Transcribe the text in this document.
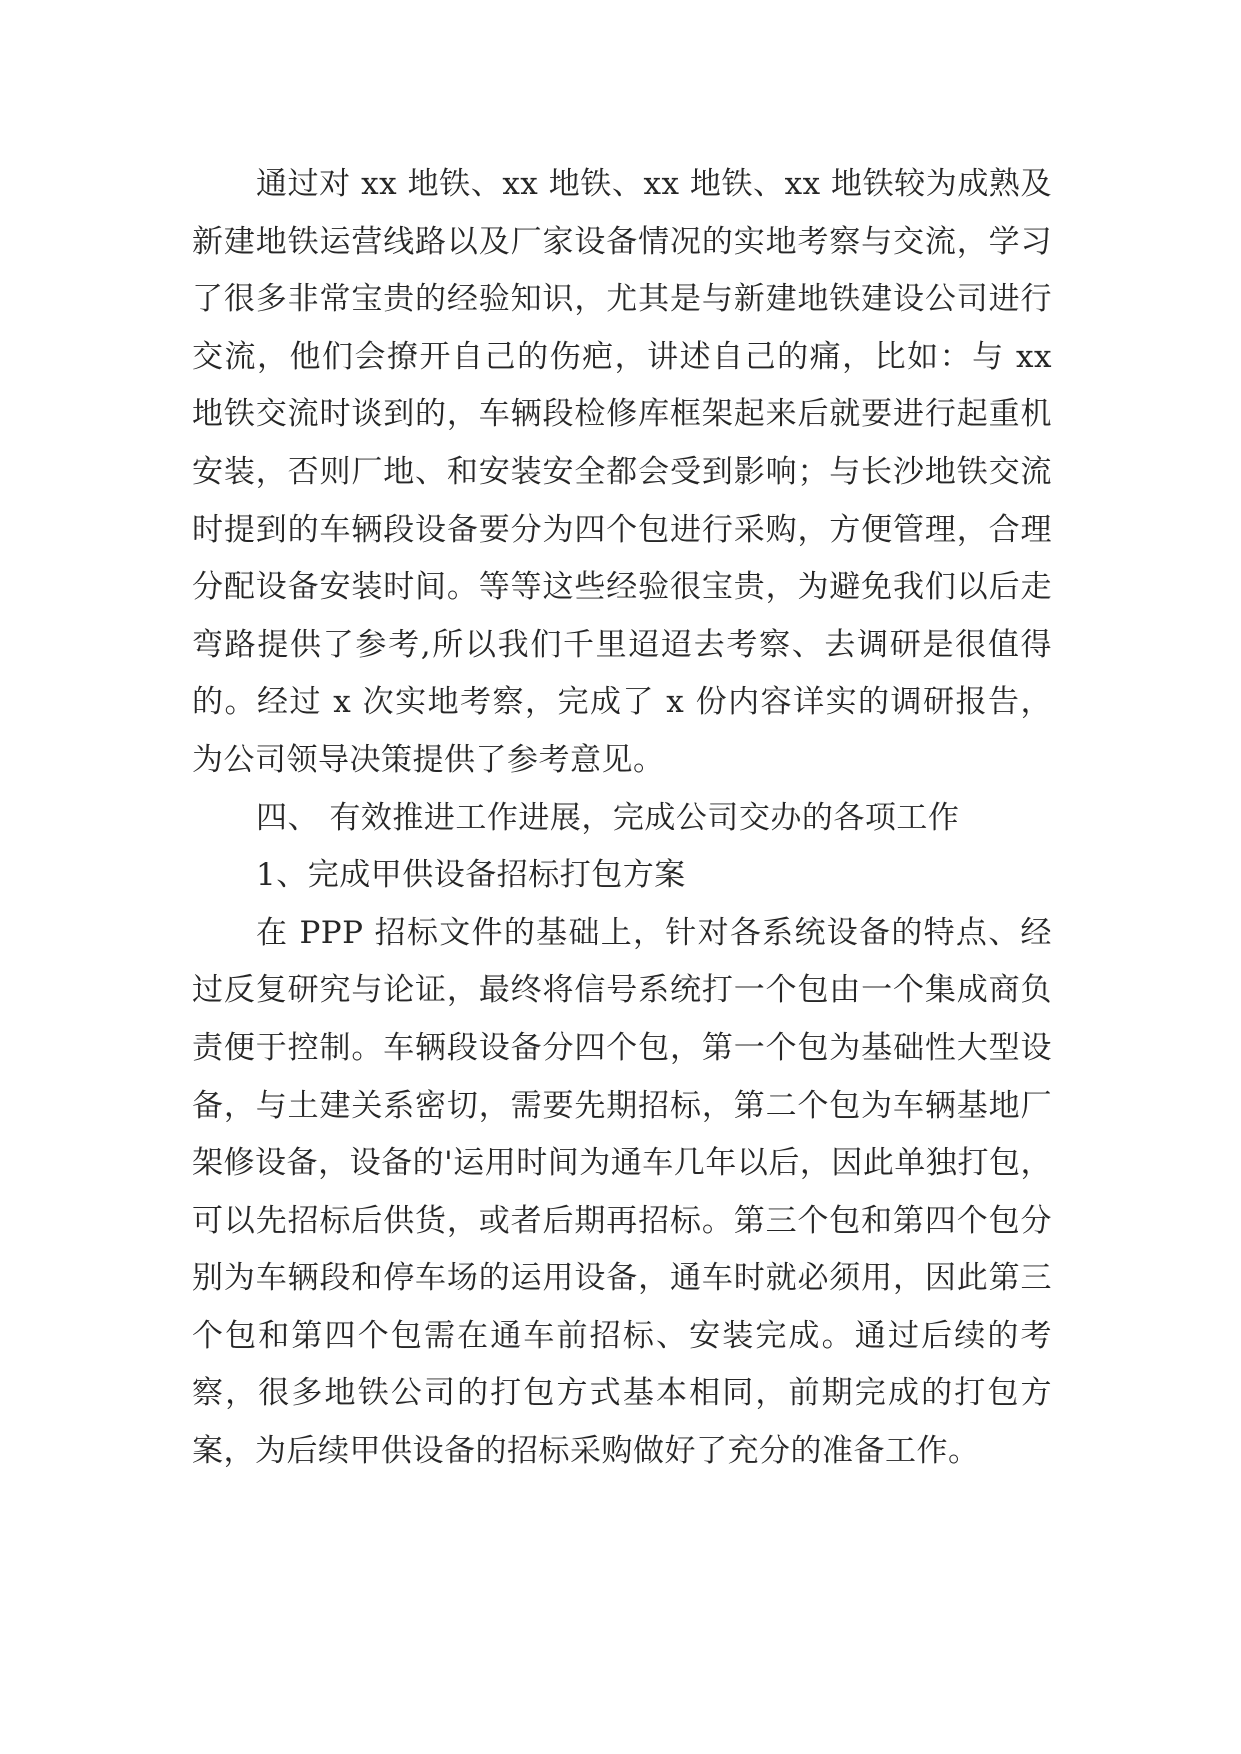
通过对 xx 地铁、xx 地铁、xx 地铁、xx 地铁较为成熟及新建地铁运营线路以及厂家设备情况的实地考察与交流，学习了很多非常宝贵的经验知识，尤其是与新建地铁建设公司进行交流，他们会撩开自己的伤疤，讲述自己的痛，比如：与 xx 地铁交流时谈到的，车辆段检修库框架起来后就要进行起重机安装，否则厂地、和安装安全都会受到影响；与长沙地铁交流时提到的车辆段设备要分为四个包进行采购，方便管理，合理分配设备安装时间。等等这些经验很宝贵，为避免我们以后走弯路提供了参考,所以我们千里迢迢去考察、去调研是很值得的。经过 x 次实地考察，完成了 x 份内容详实的调研报告，为公司领导决策提供了参考意见。

四、 有效推进工作进展，完成公司交办的各项工作

1、完成甲供设备招标打包方案

在 PPP 招标文件的基础上，针对各系统设备的特点、经过反复研究与论证，最终将信号系统打一个包由一个集成商负责便于控制。车辆段设备分四个包，第一个包为基础性大型设备，与土建关系密切，需要先期招标，第二个包为车辆基地厂架修设备，设备的'运用时间为通车几年以后，因此单独打包，可以先招标后供货，或者后期再招标。第三个包和第四个包分别为车辆段和停车场的运用设备，通车时就必须用，因此第三个包和第四个包需在通车前招标、安装完成。通过后续的考察，很多地铁公司的打包方式基本相同，前期完成的打包方案，为后续甲供设备的招标采购做好了充分的准备工作。
